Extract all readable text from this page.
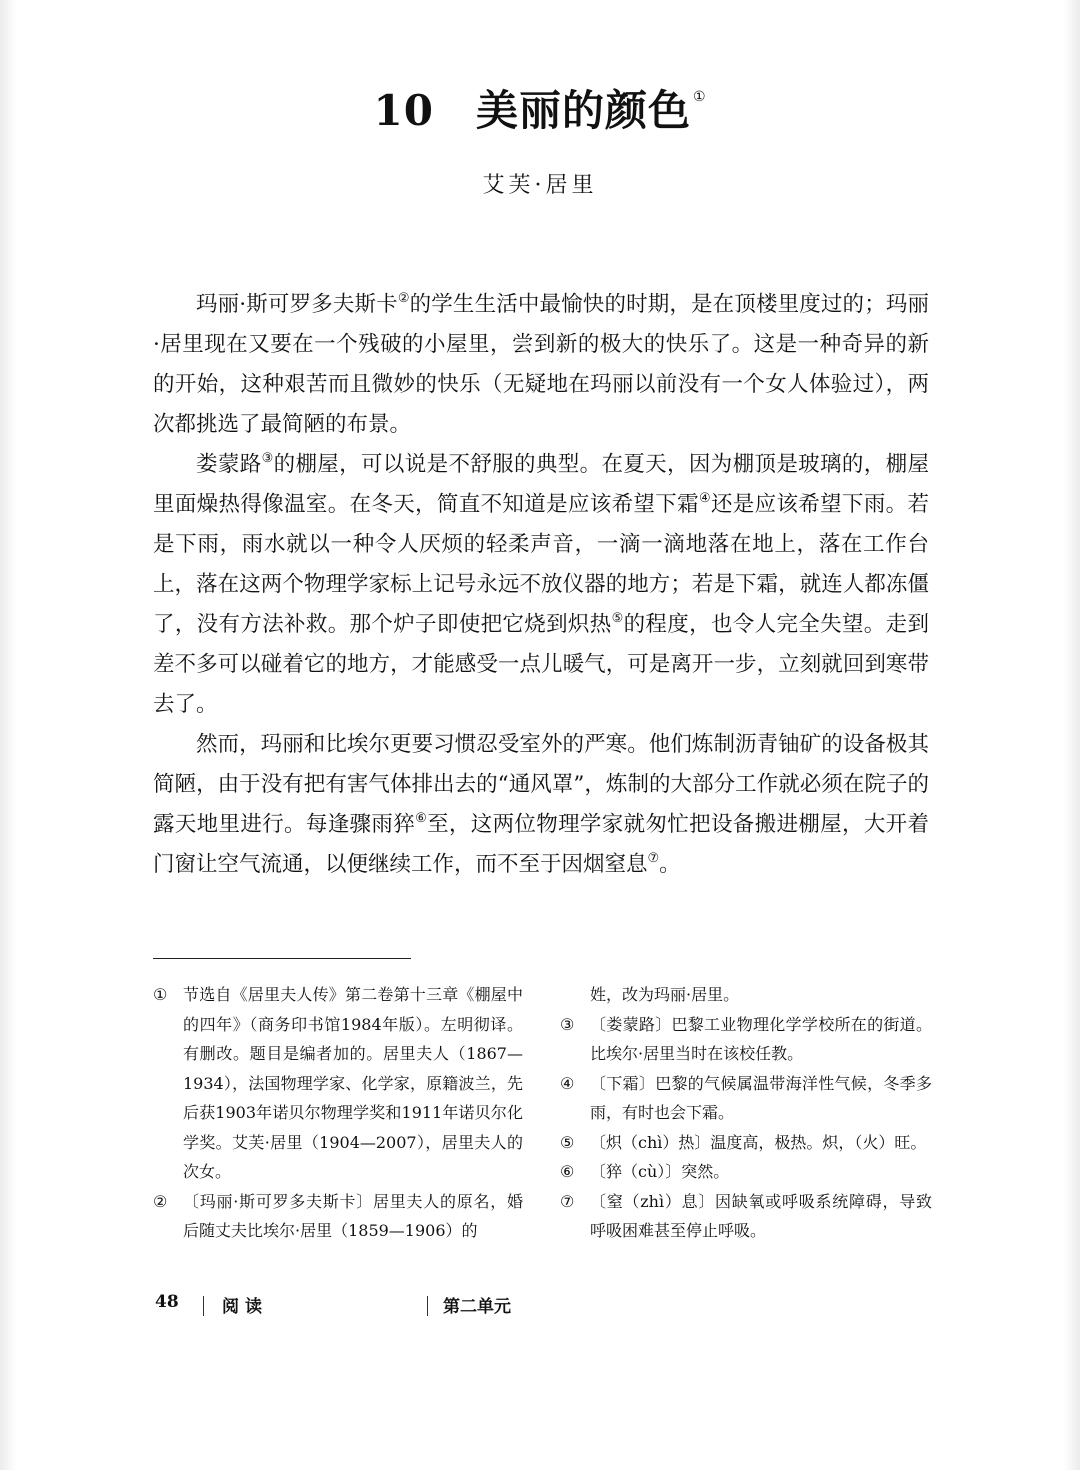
10 美丽的颜色 ①
艾芙·居里

玛丽·斯可罗多夫斯卡②的学生生活中最愉快的时期，是在顶楼里度过的；玛丽·居里现在又要在一个残破的小屋里，尝到新的极大的快乐了。这是一种奇异的新的开始，这种艰苦而且微妙的快乐（无疑地在玛丽以前没有一个女人体验过），两次都挑选了最简陋的布景。

娄蒙路③的棚屋，可以说是不舒服的典型。在夏天，因为棚顶是玻璃的，棚屋里面燥热得像温室。在冬天，简直不知道是应该希望下霜④还是应该希望下雨。若是下雨，雨水就以一种令人厌烦的轻柔声音，一滴一滴地落在地上，落在工作台上，落在这两个物理学家标上记号永远不放仪器的地方；若是下霜，就连人都冻僵了，没有方法补救。那个炉子即使把它烧到炽热⑤的程度，也令人完全失望。走到差不多可以碰着它的地方，才能感受一点儿暖气，可是离开一步，立刻就回到寒带去了。

然而，玛丽和比埃尔更要习惯忍受室外的严寒。他们炼制沥青铀矿的设备极其简陋，由于没有把有害气体排出去的“通风罩”，炼制的大部分工作就必须在院子的露天地里进行。每逢骤雨猝⑥至，这两位物理学家就匆忙把设备搬进棚屋，大开着门窗让空气流通，以便继续工作，而不至于因烟窒息⑦。

① 节选自《居里夫人传》第二卷第十三章《棚屋中的四年》（商务印书馆1984年版）。左明彻译。有删改。题目是编者加的。居里夫人（1867—1934），法国物理学家、化学家，原籍波兰，先后获1903年诺贝尔物理学奖和1911年诺贝尔化学奖。艾芙·居里（1904—2007），居里夫人的次女。
② 〔玛丽·斯可罗多夫斯卡〕居里夫人的原名，婚后随丈夫比埃尔·居里（1859—1906）的
姓，改为玛丽·居里。
③ 〔娄蒙路〕巴黎工业物理化学学校所在的街道。比埃尔·居里当时在该校任教。
④ 〔下霜〕巴黎的气候属温带海洋性气候，冬季多雨，有时也会下霜。
⑤ 〔炽（chì）热〕温度高，极热。炽，（火）旺。
⑥ 〔猝（cù）〕突然。
⑦ 〔窒（zhì）息〕因缺氧或呼吸系统障碍，导致呼吸困难甚至停止呼吸。
48	阅读	第二单元
